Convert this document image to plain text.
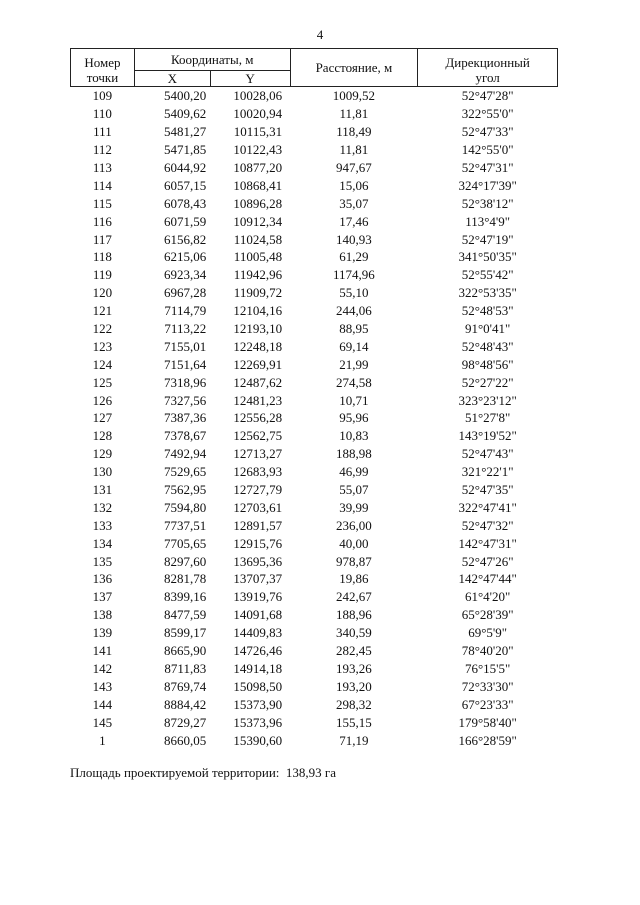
4
Номер	Координаты, м		Расстояние, м	Дирекционный
точки	X	Y		угол
109	5400,20	10028,06	1009,52	52°47'28"
110	5409,62	10020,94	11,81	322°55'0"
111	5481,27	10115,31	118,49	52°47'33"
112	5471,85	10122,43	11,81	142°55'0"
113	6044,92	10877,20	947,67	52°47'31"
114	6057,15	10868,41	15,06	324°17'39"
115	6078,43	10896,28	35,07	52°38'12"
116	6071,59	10912,34	17,46	113°4'9"
117	6156,82	11024,58	140,93	52°47'19"
118	6215,06	11005,48	61,29	341°50'35"
119	6923,34	11942,96	1174,96	52°55'42"
120	6967,28	11909,72	55,10	322°53'35"
121	7114,79	12104,16	244,06	52°48'53"
122	7113,22	12193,10	88,95	91°0'41"
123	7155,01	12248,18	69,14	52°48'43"
124	7151,64	12269,91	21,99	98°48'56"
125	7318,96	12487,62	274,58	52°27'22"
126	7327,56	12481,23	10,71	323°23'12"
127	7387,36	12556,28	95,96	51°27'8"
128	7378,67	12562,75	10,83	143°19'52"
129	7492,94	12713,27	188,98	52°47'43"
130	7529,65	12683,93	46,99	321°22'1"
131	7562,95	12727,79	55,07	52°47'35"
132	7594,80	12703,61	39,99	322°47'41"
133	7737,51	12891,57	236,00	52°47'32"
134	7705,65	12915,76	40,00	142°47'31"
135	8297,60	13695,36	978,87	52°47'26"
136	8281,78	13707,37	19,86	142°47'44"
137	8399,16	13919,76	242,67	61°4'20"
138	8477,59	14091,68	188,96	65°28'39"
139	8599,17	14409,83	340,59	69°5'9"
141	8665,90	14726,46	282,45	78°40'20"
142	8711,83	14914,18	193,26	76°15'5"
143	8769,74	15098,50	193,20	72°33'30"
144	8884,42	15373,90	298,32	67°23'33"
145	8729,27	15373,96	155,15	179°58'40"
1	8660,05	15390,60	71,19	166°28'59"
Площадь проектируемой территории: 138,93 га
